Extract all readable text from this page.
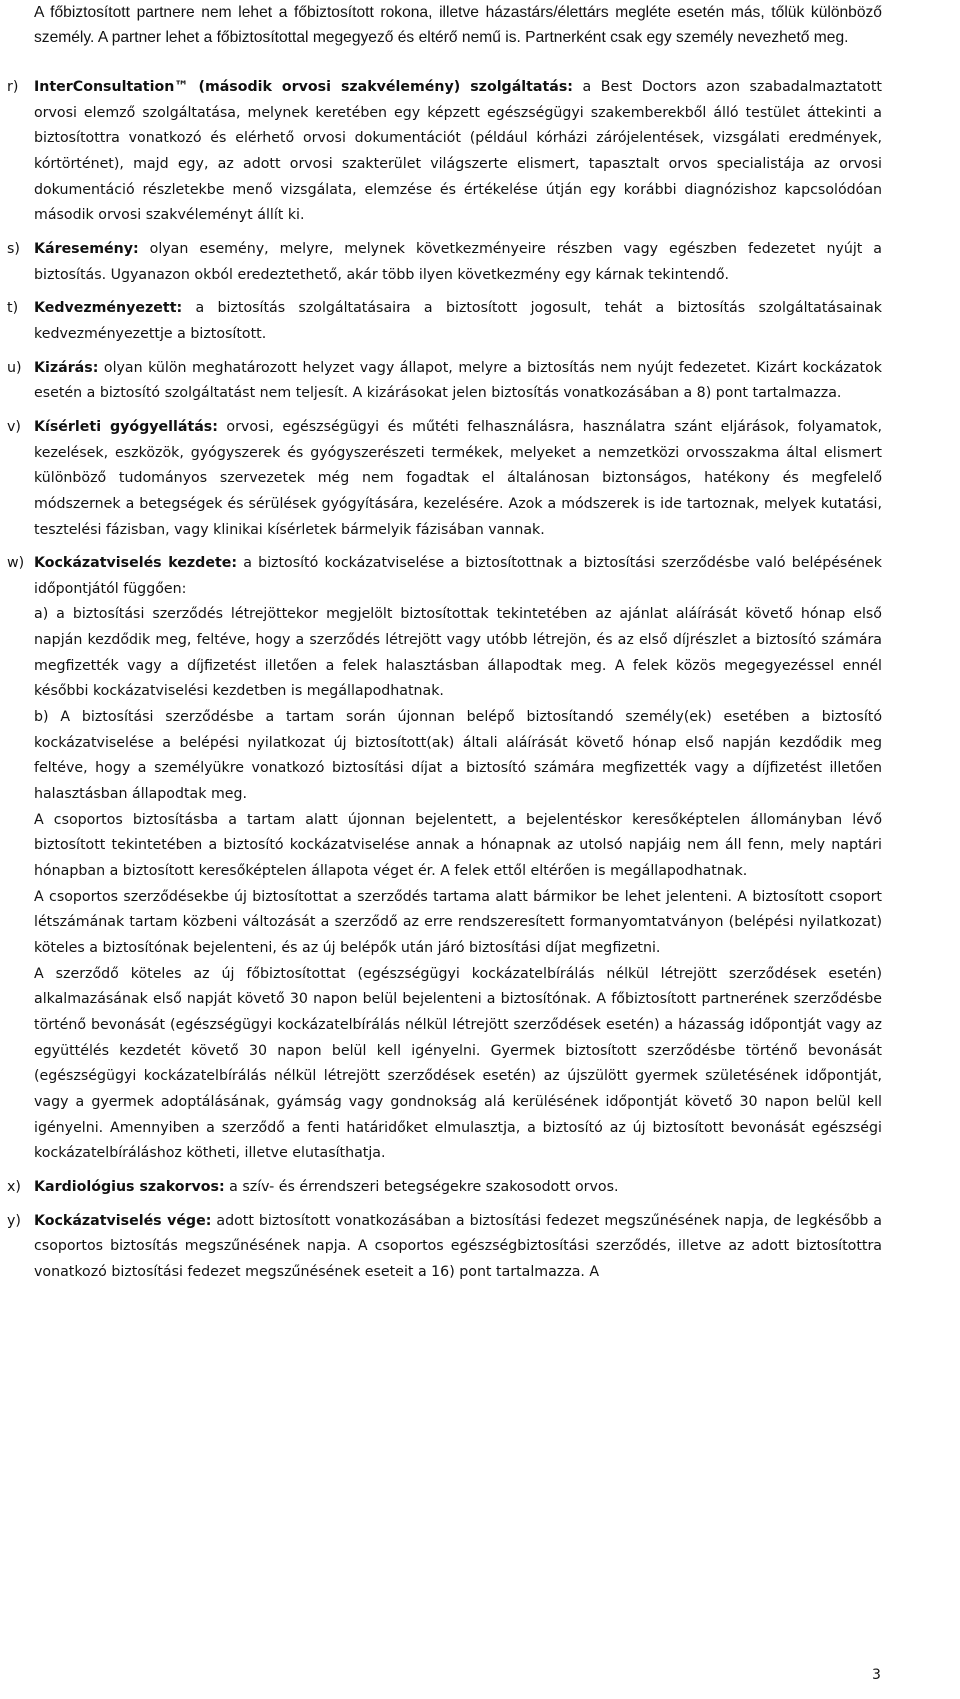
A főbiztosított partnere nem lehet a főbiztosított rokona, illetve házastárs/élettárs meglétе esetén más, tőlük különböző személy. A partner lehet a főbiztosítottal megegyező és eltérő nemű is. Partnerként csak egy személy nevezhető meg.

r)	InterConsultation™ (második orvosi szakvélemény) szolgáltatás: a Best Doctors azon szabadalmaztatott orvosi elemző szolgáltatása, melynek keretében egy képzett egészségügyi szakemberekből álló testület áttekinti a biztosítottra vonatkozó és elérhető orvosi dokumentációt (például kórházi zárójelentések, vizsgálati eredmények, kórtörténet), majd egy, az adott orvosi szakterület világszerte elismert, tapasztalt orvos specialistája az orvosi dokumentáció részletekbe menő vizsgálata, elemzése és értékelése útján egy korábbi diagnózishoz kapcsolódóan második orvosi szakvéleményt állít ki.

s) Káresemény: olyan esemény, melyre, melynek következményeire részben vagy egészben fedezetet nyújt a biztosítás. Ugyanazon okból eredeztethető, akár több ilyen következmény egy kárnak tekintendő.

t)	Kedvezményezett: a biztosítás szolgáltatásaira a biztosított jogosult, tehát a biztosítás szolgáltatásainak kedvezményezettje a biztosított.

u) Kizárás: olyan külön meghatározott helyzet vagy állapot, melyre a biztosítás nem nyújt fedezetet. Kizárt kockázatok esetén a biztosító szolgáltatást nem teljesít. A kizárásokat jelen biztosítás vonatkozásában a 8) pont tartalmazza.

v) Kísérleti gyógyellátás: orvosi, egészségügyi és műtéti felhasználásra, használatra szánt eljárások, folyamatok, kezelések, eszközök, gyógyszerek és gyógyszerészeti termékek, melyeket a nemzetközi orvosszakma által elismert különböző tudományos szervezetek még nem fogadtak el általánosan biztonságos, hatékony és megfelelő módszernek a betegségek és sérülések gyógyítására, kezelésére. Azok a módszerek is ide tartoznak, melyek kutatási, tesztelési fázisban, vagy klinikai kísérletek bármelyik fázisában vannak.

w) Kockázatviselés kezdete: a biztosító kockázatviselése a biztosítottnak a biztosítási szerződésbe való belépésének időpontjától függően:

a) a biztosítási szerződés létrejöttekor megjelölt biztosítottak tekintetében az ajánlat aláírását követő hónap első napján kezdődik meg, feltéve, hogy a szerződés létrejött vagy utóbb létrejön, és az első díjrészlet a biztosító számára megfizették vagy a díjfizetést illetően a felek halasztásban állapodtak meg. A felek közös megegyezéssel ennél későbbi kockázatviselési kezdetben is megállapodhatnak.

b) A biztosítási szerződésbe a tartam során újonnan belépő biztosítandó személy(ek) esetében a biztosító kockázatviselése a belépési nyilatkozat új biztosított(ak) általi aláírását követő hónap első napján kezdődik meg feltéve, hogy a személyükre vonatkozó biztosítási díjat a biztosító számára megfizették vagy a díjfizetést illetően halasztásban állapodtak meg.

A csoportos biztosításba a tartam alatt újonnan bejelentett, a bejelentéskor keresőképtelen állományban lévő biztosított tekintetében a biztosító kockázatviselése annak a hónapnak az utolsó napjáig nem áll fenn, mely naptári hónapban a biztosított keresőképtelen állapota véget ér. A felek ettől eltérően is megállapodhatnak.

A csoportos szerződésekbe új biztosítottat a szerződés tartama alatt bármikor be lehet jelenteni. A biztosított csoport létszámának tartam közbeni változását a szerződő az erre rendszeresített formanyomtatványon (belépési nyilatkozat) köteles a biztosítónak bejelenteni, és az új belépők után járó biztosítási díjat megfizetni.

A szerződő köteles az új főbiztosítottat (egészségügyi kockázatelbírálás nélkül létrejött szerződések esetén) alkalmazásának első napját követő 30 napon belül bejelenteni a biztosítónak. A főbiztosított partnerének szerződésbe történő bevonását (egészségügyi kockázatelbírálás nélkül létrejött szerződések esetén) a házasság időpontját vagy az együttélés kezdetét követő 30 napon belül kell igényelni. Gyermek biztosított szerződésbe történő bevonását (egészségügyi kockázatelbírálás nélkül létrejött szerződések esetén) az újszülött gyermek születésének időpontját, vagy a gyermek adoptálásának, gyámság vagy gondnokság alá kerülésének időpontját követő 30 napon belül kell igényelni. Amennyiben a szerződő a fenti határidőket elmulasztja, a biztosító az új biztosított bevonását egészségi kockázatelbíráláshoz kötheti, illetve elutasíthatja.

x) Kardiológius szakorvos: a szív- és érrendszeri betegségekre szakosodott orvos.

y) Kockázatviselés vége: adott biztosított vonatkozásában a biztosítási fedezet megszűnésének napja, de legkésőbb a csoportos biztosítás megszűnésének napja. A csoportos egészségbiztosítási szerződés, illetve az adott biztosítottra vonatkozó biztosítási fedezet megszűnésének eseteit a 16) pont tartalmazza. A

3
